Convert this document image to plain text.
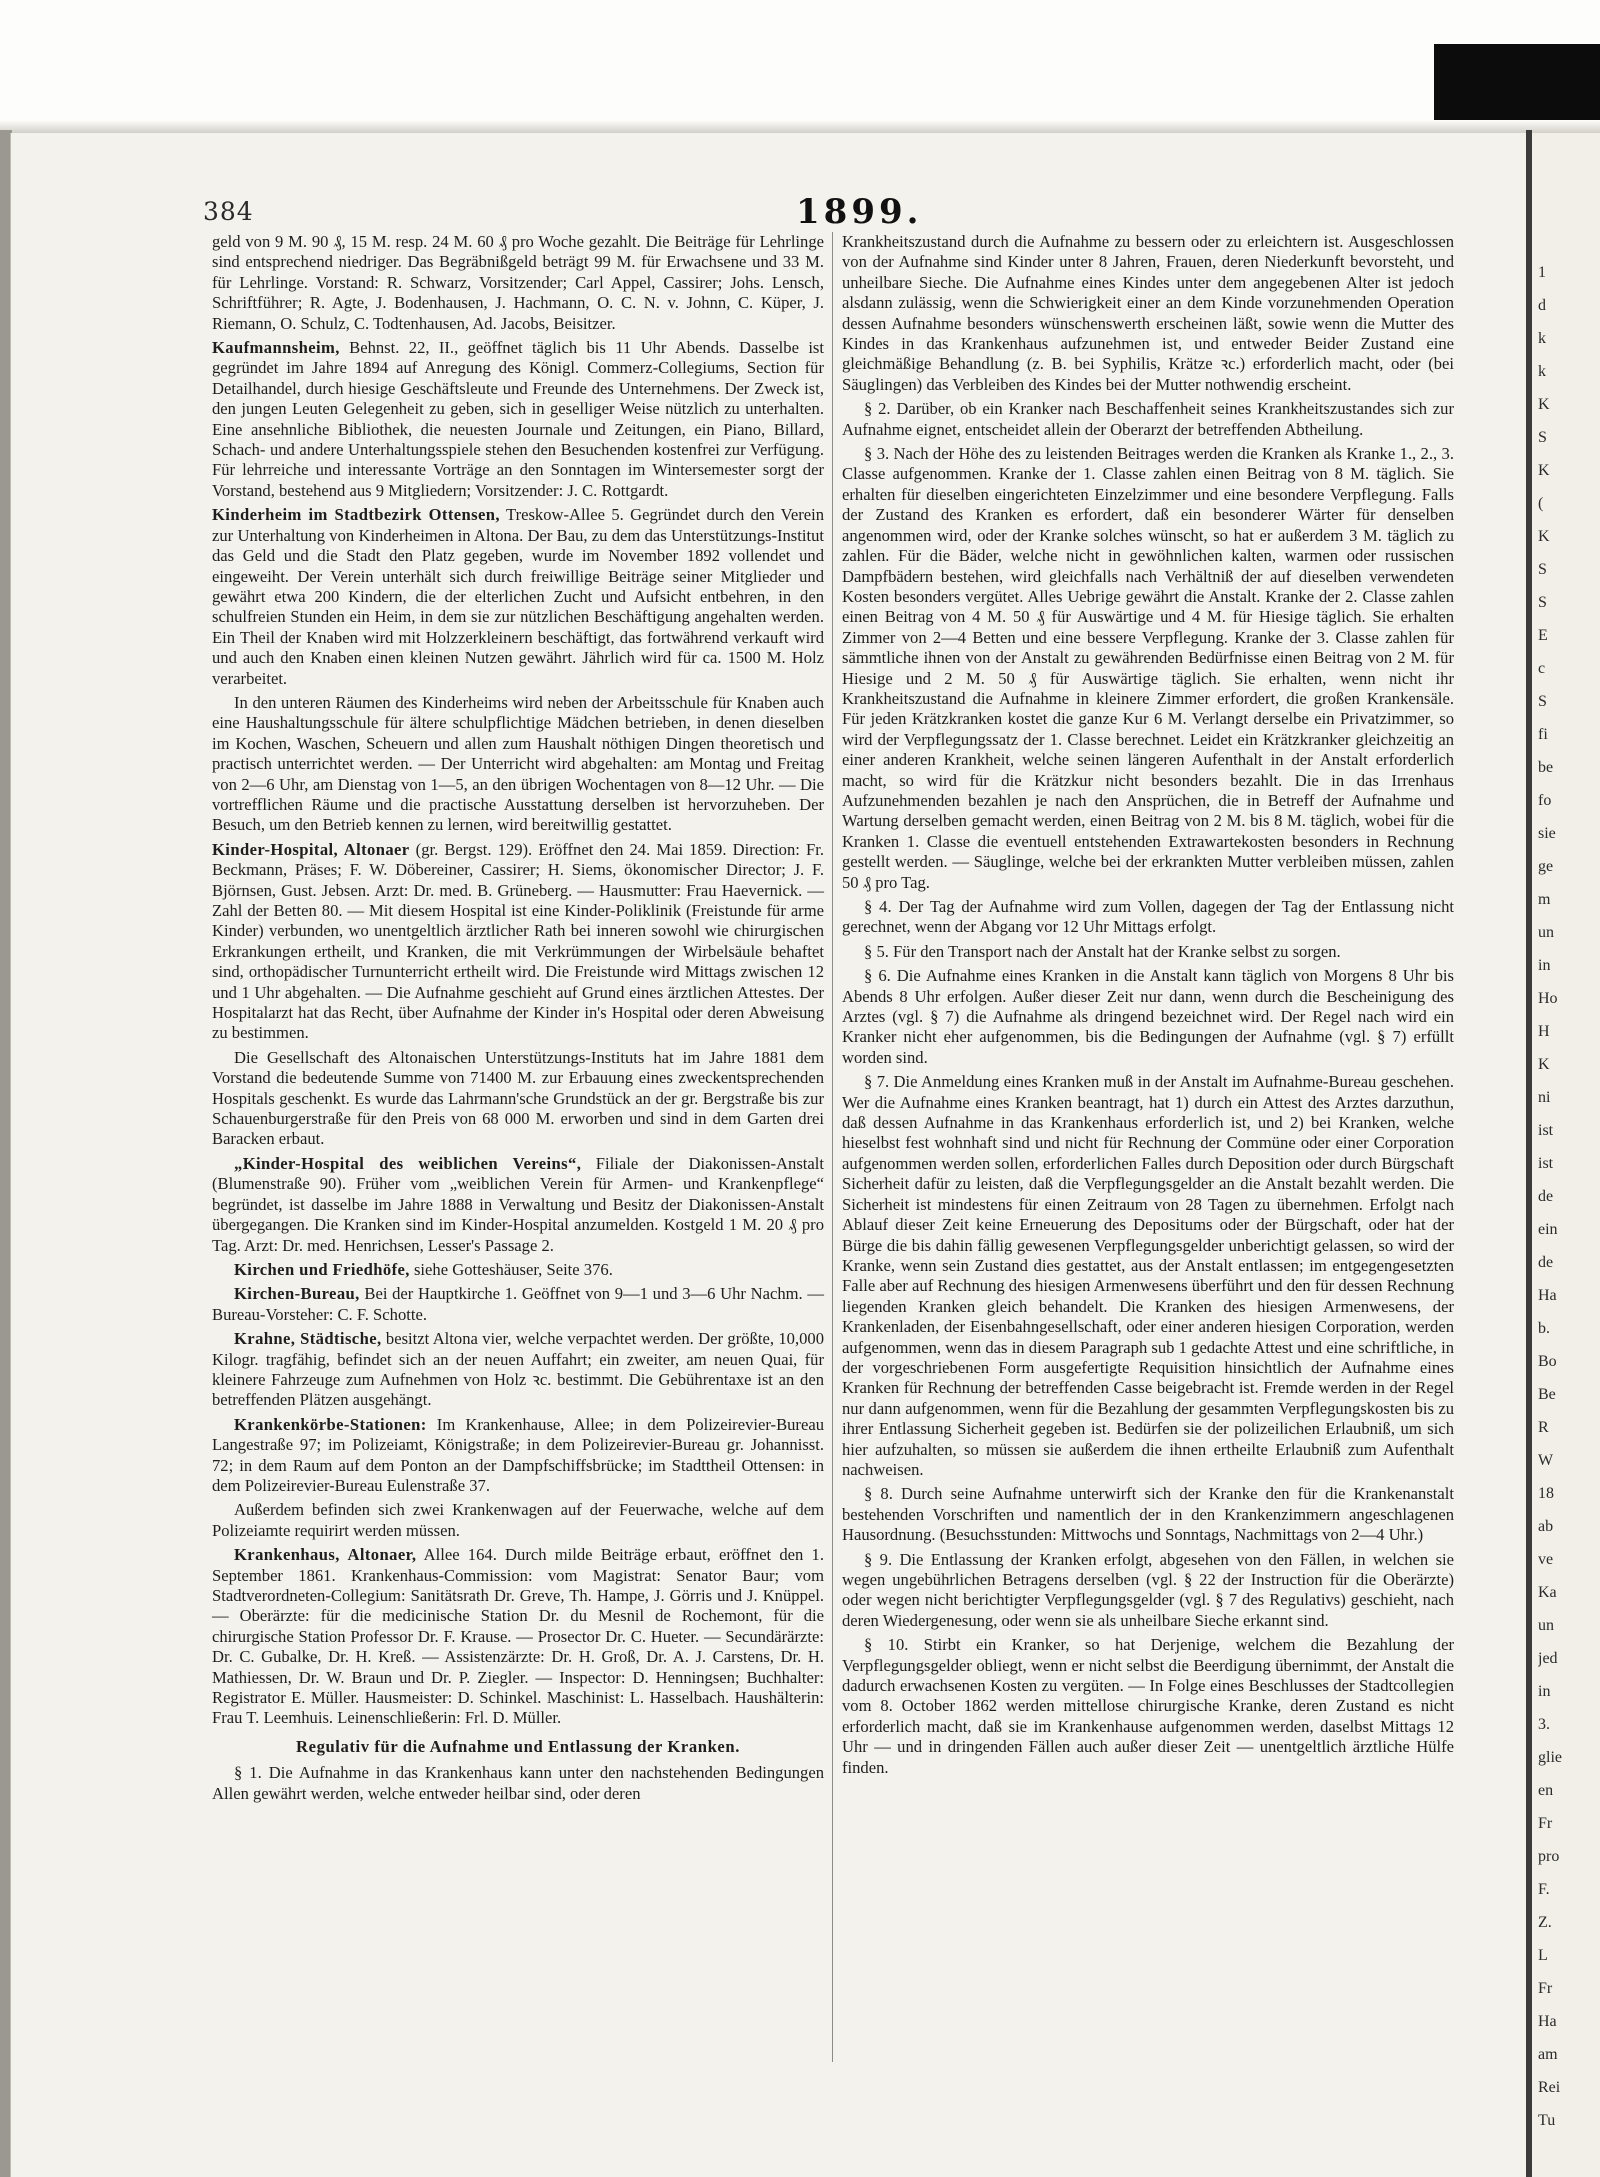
1
d
k
k
K
S
K
(
K
S
S
E
c
S
fi
be
fo
sie
ge
m
un
in
Ho
H
K
ni
ist
ist
de
ein
de
Ha
b.
Bo
Be
R
W
18
ab
ve
Ka
un
jed
in
3.
glie
en
Fr
pro
F.
Z.
L
Fr
Ha
am
Rei
Tu
384	1899.

geld von 9 M. 90 ₰, 15 M. resp. 24 M. 60 ₰ pro Woche gezahlt. Die Beiträge für Lehrlinge sind entsprechend niedriger. Das Begräbnißgeld beträgt 99 M. für Erwachsene und 33 M. für Lehrlinge. Vorstand: R. Schwarz, Vorsitzender; Carl Appel, Cassirer; Johs. Lensch, Schriftführer; R. Agte, J. Bodenhausen, J. Hachmann, O. C. N. v. Johnn, C. Küper, J. Riemann, O. Schulz, C. Todtenhausen, Ad. Jacobs, Beisitzer.

Kaufmannsheim, Behnst. 22, II., geöffnet täglich bis 11 Uhr Abends. Dasselbe ist gegründet im Jahre 1894 auf Anregung des Königl. Commerz-Collegiums, Section für Detailhandel, durch hiesige Geschäftsleute und Freunde des Unternehmens. Der Zweck ist, den jungen Leuten Gelegenheit zu geben, sich in geselliger Weise nützlich zu unterhalten. Eine ansehnliche Bibliothek, die neuesten Journale und Zeitungen, ein Piano, Billard, Schach- und andere Unterhaltungsspiele stehen den Besuchenden kostenfrei zur Verfügung. Für lehrreiche und interessante Vorträge an den Sonntagen im Wintersemester sorgt der Vorstand, bestehend aus 9 Mitgliedern; Vorsitzender: J. C. Rottgardt.

Kinderheim im Stadtbezirk Ottensen, Treskow-Allee 5. Gegründet durch den Verein zur Unterhaltung von Kinderheimen in Altona. Der Bau, zu dem das Unterstützungs-Institut das Geld und die Stadt den Platz gegeben, wurde im November 1892 vollendet und eingeweiht. Der Verein unterhält sich durch freiwillige Beiträge seiner Mitglieder und gewährt etwa 200 Kindern, die der elterlichen Zucht und Aufsicht entbehren, in den schulfreien Stunden ein Heim, in dem sie zur nützlichen Beschäftigung angehalten werden. Ein Theil der Knaben wird mit Holzzerkleinern beschäftigt, das fortwährend verkauft wird und auch den Knaben einen kleinen Nutzen gewährt. Jährlich wird für ca. 1500 M. Holz verarbeitet.

In den unteren Räumen des Kinderheims wird neben der Arbeitsschule für Knaben auch eine Haushaltungsschule für ältere schulpflichtige Mädchen betrieben, in denen dieselben im Kochen, Waschen, Scheuern und allen zum Haushalt nöthigen Dingen theoretisch und practisch unterrichtet werden. — Der Unterricht wird abgehalten: am Montag und Freitag von 2—6 Uhr, am Dienstag von 1—5, an den übrigen Wochentagen von 8—12 Uhr. — Die vortrefflichen Räume und die practische Ausstattung derselben ist hervorzuheben. Der Besuch, um den Betrieb kennen zu lernen, wird bereitwillig gestattet.

Kinder-Hospital, Altonaer (gr. Bergst. 129). Eröffnet den 24. Mai 1859. Direction: Fr. Beckmann, Präses; F. W. Döbereiner, Cassirer; H. Siems, ökonomischer Director; J. F. Björnsen, Gust. Jebsen. Arzt: Dr. med. B. Grüneberg. — Hausmutter: Frau Haevernick. — Zahl der Betten 80. — Mit diesem Hospital ist eine Kinder-Poliklinik (Freistunde für arme Kinder) verbunden, wo unentgeltlich ärztlicher Rath bei inneren sowohl wie chirurgischen Erkrankungen ertheilt, und Kranken, die mit Verkrümmungen der Wirbelsäule behaftet sind, orthopädischer Turnunterricht ertheilt wird. Die Freistunde wird Mittags zwischen 12 und 1 Uhr abgehalten. — Die Aufnahme geschieht auf Grund eines ärztlichen Attestes. Der Hospitalarzt hat das Recht, über Aufnahme der Kinder in's Hospital oder deren Abweisung zu bestimmen.

Die Gesellschaft des Altonaischen Unterstützungs-Instituts hat im Jahre 1881 dem Vorstand die bedeutende Summe von 71400 M. zur Erbauung eines zweckentsprechenden Hospitals geschenkt. Es wurde das Lahrmann'sche Grundstück an der gr. Bergstraße bis zur Schauenburgerstraße für den Preis von 68 000 M. erworben und sind in dem Garten drei Baracken erbaut.

„Kinder-Hospital des weiblichen Vereins“, Filiale der Diakonissen-Anstalt (Blumenstraße 90). Früher vom „weiblichen Verein für Armen- und Krankenpflege“ begründet, ist dasselbe im Jahre 1888 in Verwaltung und Besitz der Diakonissen-Anstalt übergegangen. Die Kranken sind im Kinder-Hospital anzumelden. Kostgeld 1 M. 20 ₰ pro Tag. Arzt: Dr. med. Henrichsen, Lesser's Passage 2.

Kirchen und Friedhöfe, siehe Gotteshäuser, Seite 376.

Kirchen-Bureau, Bei der Hauptkirche 1. Geöffnet von 9—1 und 3—6 Uhr Nachm. — Bureau-Vorsteher: C. F. Schotte.

Krahne, Städtische, besitzt Altona vier, welche verpachtet werden. Der größte, 10,000 Kilogr. tragfähig, befindet sich an der neuen Auffahrt; ein zweiter, am neuen Quai, für kleinere Fahrzeuge zum Aufnehmen von Holz ꝛc. bestimmt. Die Gebührentaxe ist an den betreffenden Plätzen ausgehängt.

Krankenkörbe-Stationen: Im Krankenhause, Allee; in dem Polizeirevier-Bureau Langestraße 97; im Polizeiamt, Königstraße; in dem Polizeirevier-Bureau gr. Johannisst. 72; in dem Raum auf dem Ponton an der Dampfschiffsbrücke; im Stadttheil Ottensen: in dem Polizeirevier-Bureau Eulenstraße 37.

Außerdem befinden sich zwei Krankenwagen auf der Feuerwache, welche auf dem Polizeiamte requirirt werden müssen.

Krankenhaus, Altonaer, Allee 164. Durch milde Beiträge erbaut, eröffnet den 1. September 1861. Krankenhaus-Commission: vom Magistrat: Senator Baur; vom Stadtverordneten-Collegium: Sanitätsrath Dr. Greve, Th. Hampe, J. Görris und J. Knüppel. — Oberärzte: für die medicinische Station Dr. du Mesnil de Rochemont, für die chirurgische Station Professor Dr. F. Krause. — Prosector Dr. C. Hueter. — Secundärärzte: Dr. C. Gubalke, Dr. H. Kreß. — Assistenzärzte: Dr. H. Groß, Dr. A. J. Carstens, Dr. H. Mathiessen, Dr. W. Braun und Dr. P. Ziegler. — Inspector: D. Henningsen; Buchhalter: Registrator E. Müller. Hausmeister: D. Schinkel. Maschinist: L. Hasselbach. Haushälterin: Frau T. Leemhuis. Leinenschließerin: Frl. D. Müller.

Regulativ für die Aufnahme und Entlassung der Kranken.

§ 1. Die Aufnahme in das Krankenhaus kann unter den nachstehenden Bedingungen Allen gewährt werden, welche entweder heilbar sind, oder deren

Krankheitszustand durch die Aufnahme zu bessern oder zu erleichtern ist. Ausgeschlossen von der Aufnahme sind Kinder unter 8 Jahren, Frauen, deren Niederkunft bevorsteht, und unheilbare Sieche. Die Aufnahme eines Kindes unter dem angegebenen Alter ist jedoch alsdann zulässig, wenn die Schwierigkeit einer an dem Kinde vorzunehmenden Operation dessen Aufnahme besonders wünschenswerth erscheinen läßt, sowie wenn die Mutter des Kindes in das Krankenhaus aufzunehmen ist, und entweder Beider Zustand eine gleichmäßige Behandlung (z. B. bei Syphilis, Krätze ꝛc.) erforderlich macht, oder (bei Säuglingen) das Verbleiben des Kindes bei der Mutter nothwendig erscheint.

§ 2. Darüber, ob ein Kranker nach Beschaffenheit seines Krankheitszustandes sich zur Aufnahme eignet, entscheidet allein der Oberarzt der betreffenden Abtheilung.

§ 3. Nach der Höhe des zu leistenden Beitrages werden die Kranken als Kranke 1., 2., 3. Classe aufgenommen. Kranke der 1. Classe zahlen einen Beitrag von 8 M. täglich. Sie erhalten für dieselben eingerichteten Einzelzimmer und eine besondere Verpflegung. Falls der Zustand des Kranken es erfordert, daß ein besonderer Wärter für denselben angenommen wird, oder der Kranke solches wünscht, so hat er außerdem 3 M. täglich zu zahlen. Für die Bäder, welche nicht in gewöhnlichen kalten, warmen oder russischen Dampfbädern bestehen, wird gleichfalls nach Verhältniß der auf dieselben verwendeten Kosten besonders vergütet. Alles Uebrige gewährt die Anstalt. Kranke der 2. Classe zahlen einen Beitrag von 4 M. 50 ₰ für Auswärtige und 4 M. für Hiesige täglich. Sie erhalten Zimmer von 2—4 Betten und eine bessere Verpflegung. Kranke der 3. Classe zahlen für sämmtliche ihnen von der Anstalt zu gewährenden Bedürfnisse einen Beitrag von 2 M. für Hiesige und 2 M. 50 ₰ für Auswärtige täglich. Sie erhalten, wenn nicht ihr Krankheitszustand die Aufnahme in kleinere Zimmer erfordert, die großen Krankensäle. Für jeden Krätzkranken kostet die ganze Kur 6 M. Verlangt derselbe ein Privatzimmer, so wird der Verpflegungssatz der 1. Classe berechnet. Leidet ein Krätzkranker gleichzeitig an einer anderen Krankheit, welche seinen längeren Aufenthalt in der Anstalt erforderlich macht, so wird für die Krätzkur nicht besonders bezahlt. Die in das Irrenhaus Aufzunehmenden bezahlen je nach den Ansprüchen, die in Betreff der Aufnahme und Wartung derselben gemacht werden, einen Beitrag von 2 M. bis 8 M. täglich, wobei für die Kranken 1. Classe die eventuell entstehenden Extrawartekosten besonders in Rechnung gestellt werden. — Säuglinge, welche bei der erkrankten Mutter verbleiben müssen, zahlen 50 ₰ pro Tag.

§ 4. Der Tag der Aufnahme wird zum Vollen, dagegen der Tag der Entlassung nicht gerechnet, wenn der Abgang vor 12 Uhr Mittags erfolgt.

§ 5. Für den Transport nach der Anstalt hat der Kranke selbst zu sorgen.

§ 6. Die Aufnahme eines Kranken in die Anstalt kann täglich von Morgens 8 Uhr bis Abends 8 Uhr erfolgen. Außer dieser Zeit nur dann, wenn durch die Bescheinigung des Arztes (vgl. § 7) die Aufnahme als dringend bezeichnet wird. Der Regel nach wird ein Kranker nicht eher aufgenommen, bis die Bedingungen der Aufnahme (vgl. § 7) erfüllt worden sind.

§ 7. Die Anmeldung eines Kranken muß in der Anstalt im Aufnahme-Bureau geschehen. Wer die Aufnahme eines Kranken beantragt, hat 1) durch ein Attest des Arztes darzuthun, daß dessen Aufnahme in das Krankenhaus erforderlich ist, und 2) bei Kranken, welche hieselbst fest wohnhaft sind und nicht für Rechnung der Commüne oder einer Corporation aufgenommen werden sollen, erforderlichen Falles durch Deposition oder durch Bürgschaft Sicherheit dafür zu leisten, daß die Verpflegungsgelder an die Anstalt bezahlt werden. Die Sicherheit ist mindestens für einen Zeitraum von 28 Tagen zu übernehmen. Erfolgt nach Ablauf dieser Zeit keine Erneuerung des Depositums oder der Bürgschaft, oder hat der Bürge die bis dahin fällig gewesenen Verpflegungsgelder unberichtigt gelassen, so wird der Kranke, wenn sein Zustand dies gestattet, aus der Anstalt entlassen; im entgegengesetzten Falle aber auf Rechnung des hiesigen Armenwesens überführt und den für dessen Rechnung liegenden Kranken gleich behandelt. Die Kranken des hiesigen Armenwesens, der Krankenladen, der Eisenbahngesellschaft, oder einer anderen hiesigen Corporation, werden aufgenommen, wenn das in diesem Paragraph sub 1 gedachte Attest und eine schriftliche, in der vorgeschriebenen Form ausgefertigte Requisition hinsichtlich der Aufnahme eines Kranken für Rechnung der betreffenden Casse beigebracht ist. Fremde werden in der Regel nur dann aufgenommen, wenn für die Bezahlung der gesammten Verpflegungskosten bis zu ihrer Entlassung Sicherheit gegeben ist. Bedürfen sie der polizeilichen Erlaubniß, um sich hier aufzuhalten, so müssen sie außerdem die ihnen ertheilte Erlaubniß zum Aufenthalt nachweisen.

§ 8. Durch seine Aufnahme unterwirft sich der Kranke den für die Krankenanstalt bestehenden Vorschriften und namentlich der in den Krankenzimmern angeschlagenen Hausordnung. (Besuchsstunden: Mittwochs und Sonntags, Nachmittags von 2—4 Uhr.)

§ 9. Die Entlassung der Kranken erfolgt, abgesehen von den Fällen, in welchen sie wegen ungebührlichen Betragens derselben (vgl. § 22 der Instruction für die Oberärzte) oder wegen nicht berichtigter Verpflegungsgelder (vgl. § 7 des Regulativs) geschieht, nach deren Wiedergenesung, oder wenn sie als unheilbare Sieche erkannt sind.

§ 10. Stirbt ein Kranker, so hat Derjenige, welchem die Bezahlung der Verpflegungsgelder obliegt, wenn er nicht selbst die Beerdigung übernimmt, der Anstalt die dadurch erwachsenen Kosten zu vergüten. — In Folge eines Beschlusses der Stadtcollegien vom 8. October 1862 werden mittellose chirurgische Kranke, deren Zustand es nicht erforderlich macht, daß sie im Krankenhause aufgenommen werden, daselbst Mittags 12 Uhr — und in dringenden Fällen auch außer dieser Zeit — unentgeltlich ärztliche Hülfe finden.
